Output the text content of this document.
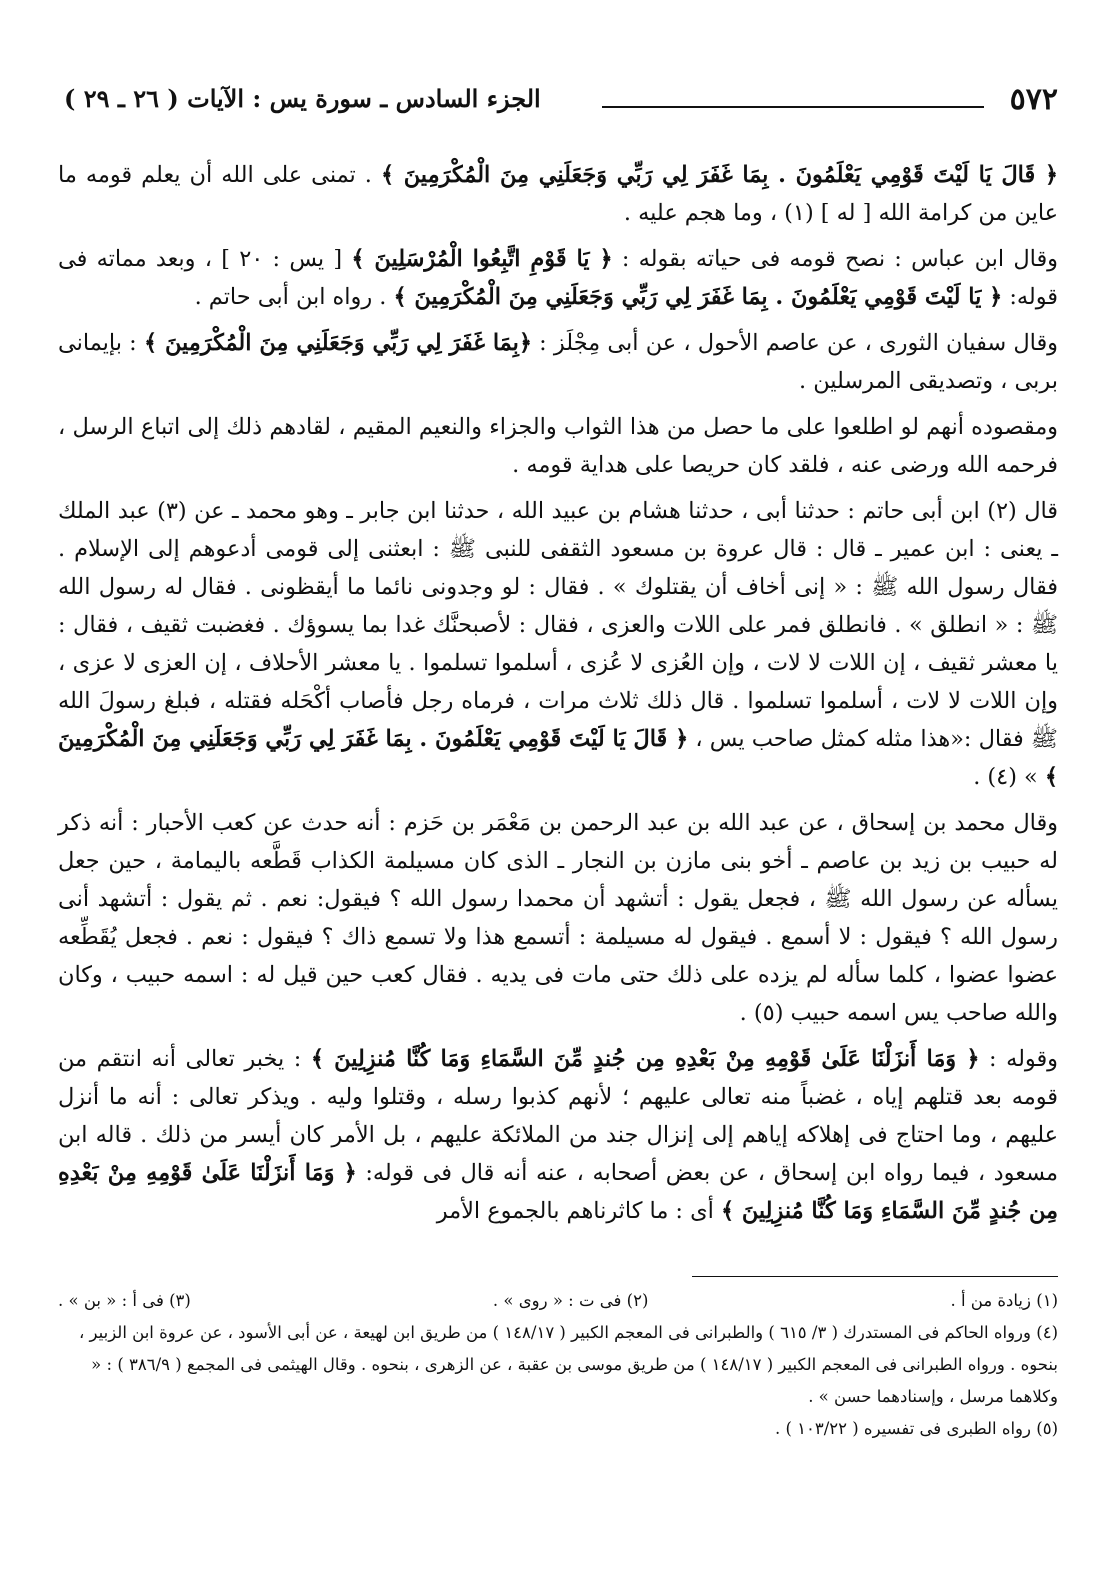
٥٧٢
الجزء السادس ـ سورة يس : الآيات ( ٢٦ ـ ٢٩ )

﴿ قَالَ يَا لَيْتَ قَوْمِي يَعْلَمُونَ . بِمَا غَفَرَ لِي رَبِّي وَجَعَلَنِي مِنَ الْمُكْرَمِينَ ﴾ . تمنى على الله أن يعلم قومه ما عاين من كرامة الله [ له ] (١) ، وما هجم عليه .

وقال ابن عباس : نصح قومه فى حياته بقوله : ﴿ يَا قَوْمِ اتَّبِعُوا الْمُرْسَلِينَ ﴾ [ يس : ٢٠ ] ، وبعد مماته فى قوله: ﴿ يَا لَيْتَ قَوْمِي يَعْلَمُونَ . بِمَا غَفَرَ لِي رَبِّي وَجَعَلَنِي مِنَ الْمُكْرَمِينَ ﴾ . رواه ابن أبى حاتم .

وقال سفيان الثورى ، عن عاصم الأحول ، عن أبى مِجْلَز : ﴿بِمَا غَفَرَ لِي رَبِّي وَجَعَلَنِي مِنَ الْمُكْرَمِينَ ﴾ : بإيمانى بربى ، وتصديقى المرسلين .

ومقصوده أنهم لو اطلعوا على ما حصل من هذا الثواب والجزاء والنعيم المقيم ، لقادهم ذلك إلى اتباع الرسل ، فرحمه الله ورضى عنه ، فلقد كان حريصا على هداية قومه .

قال (٢) ابن أبى حاتم : حدثنا أبى ، حدثنا هشام بن عبيد الله ، حدثنا ابن جابر ـ وهو محمد ـ عن (٣) عبد الملك ـ يعنى : ابن عمير ـ قال : قال عروة بن مسعود الثقفى للنبى ﷺ : ابعثنى إلى قومى أدعوهم إلى الإسلام . فقال رسول الله ﷺ : « إنى أخاف أن يقتلوك » . فقال : لو وجدونى نائما ما أيقظونى . فقال له رسول الله ﷺ : « انطلق » . فانطلق فمر على اللات والعزى ، فقال : لأصبحنَّك غدا بما يسوؤك . فغضبت ثقيف ، فقال : يا معشر ثقيف ، إن اللات لا لات ، وإن العُزى لا عُزى ، أسلموا تسلموا . يا معشر الأحلاف ، إن العزى لا عزى ، وإن اللات لا لات ، أسلموا تسلموا . قال ذلك ثلاث مرات ، فرماه رجل فأصاب أكْحَله فقتله ، فبلغ رسولَ الله ﷺ فقال :«هذا مثله كمثل صاحب يس ، ﴿ قَالَ يَا لَيْتَ قَوْمِي يَعْلَمُونَ . بِمَا غَفَرَ لِي رَبِّي وَجَعَلَنِي مِنَ الْمُكْرَمِينَ ﴾ » (٤) .

وقال محمد بن إسحاق ، عن عبد الله بن عبد الرحمن بن مَعْمَر بن حَزم : أنه حدث عن كعب الأحبار : أنه ذكر له حبيب بن زيد بن عاصم ـ أخو بنى مازن بن النجار ـ الذى كان مسيلمة الكذاب قَطَّعه باليمامة ، حين جعل يسأله عن رسول الله ﷺ ، فجعل يقول : أتشهد أن محمدا رسول الله ؟ فيقول: نعم . ثم يقول : أتشهد أنى رسول الله ؟ فيقول : لا أسمع . فيقول له مسيلمة : أتسمع هذا ولا تسمع ذاك ؟ فيقول : نعم . فجعل يُقَطِّعه عضوا عضوا ، كلما سأله لم يزده على ذلك حتى مات فى يديه . فقال كعب حين قيل له : اسمه حبيب ، وكان والله صاحب يس اسمه حبيب (٥) .

وقوله : ﴿ وَمَا أَنزَلْنَا عَلَىٰ قَوْمِهِ مِنْ بَعْدِهِ مِن جُندٍ مِّنَ السَّمَاءِ وَمَا كُنَّا مُنزِلِينَ ﴾ : يخبر تعالى أنه انتقم من قومه بعد قتلهم إياه ، غضباً منه تعالى عليهم ؛ لأنهم كذبوا رسله ، وقتلوا وليه . ويذكر تعالى : أنه ما أنزل عليهم ، وما احتاج فى إهلاكه إياهم إلى إنزال جند من الملائكة عليهم ، بل الأمر كان أيسر من ذلك . قاله ابن مسعود ، فيما رواه ابن إسحاق ، عن بعض أصحابه ، عنه أنه قال فى قوله: ﴿ وَمَا أَنزَلْنَا عَلَىٰ قَوْمِهِ مِنْ بَعْدِهِ مِن جُندٍ مِّنَ السَّمَاءِ وَمَا كُنَّا مُنزِلِينَ ﴾ أى : ما كاثرناهم بالجموع الأمر

(١) زيادة من أ .
(٢) فى ت : « روى » .
(٣) فى أ : « بن » .

(٤) ورواه الحاكم فى المستدرك ( ٣/ ٦١٥ ) والطبرانى فى المعجم الكبير ( ١٤٨/١٧ ) من طريق ابن لهيعة ، عن أبى الأسود ، عن عروة ابن الزبير ، بنحوه . ورواه الطبرانى فى المعجم الكبير ( ١٤٨/١٧ ) من طريق موسى بن عقبة ، عن الزهرى ، بنحوه . وقال الهيثمى فى المجمع ( ٣٨٦/٩ ) : « وكلاهما مرسل ، وإسنادهما حسن » .

(٥) رواه الطبرى فى تفسيره ( ١٠٣/٢٢ ) .
